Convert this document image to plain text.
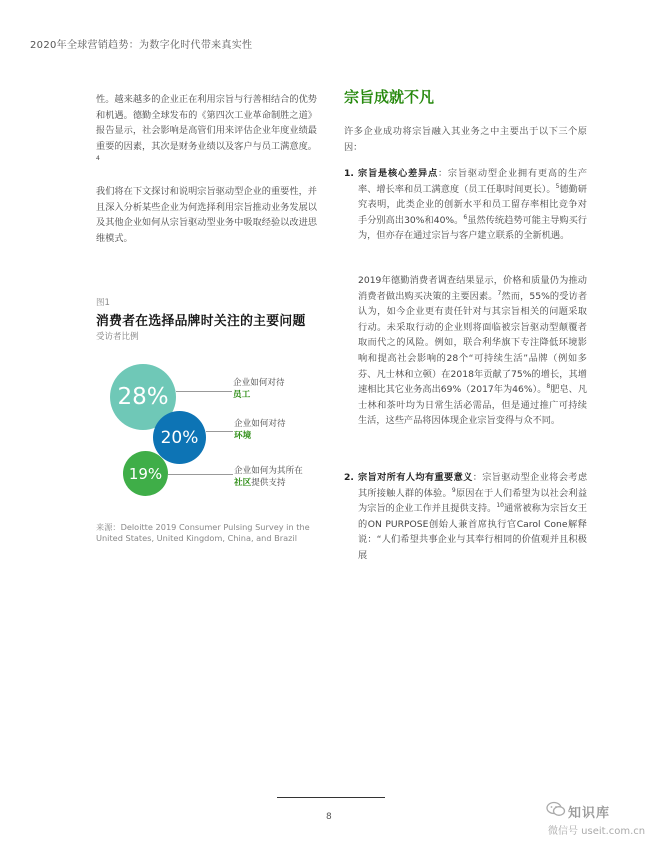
2020年全球营销趋势：为数字化时代带来真实性
性。越来越多的企业正在利用宗旨与行善相结合的优势和机遇。德勤全球发布的《第四次工业革命制胜之道》报告显示，社会影响是高管们用来评估企业年度业绩最重要的因素，其次是财务业绩以及客户与员工满意度。$^4$
我们将在下文探讨和说明宗旨驱动型企业的重要性，并且深入分析某些企业为何选择利用宗旨推动业务发展以及其他企业如何从宗旨驱动型业务中吸取经验以改进思维模式。
图1
消费者在选择品牌时关注的主要问题
受访者比例
28%
20%
19%
企业如何对待
员工
企业如何对待
环境
企业如何为其所在
社区提供支持
来源：Deloitte 2019 Consumer Pulsing Survey in the United States, United Kingdom, China, and Brazil
宗旨成就不凡
许多企业成功将宗旨融入其业务之中主要出于以下三个原因：
1. 宗旨是核心差异点：宗旨驱动型企业拥有更高的生产率、增长率和员工满意度（员工任职时间更长）。$^5$德勤研究表明，此类企业的创新水平和员工留存率相比竞争对手分别高出30%和40%。$^6$虽然传统趋势可能主导购买行为，但亦存在通过宗旨与客户建立联系的全新机遇。
2019年德勤消费者调查结果显示，价格和质量仍为推动消费者做出购买决策的主要因素。$^7$然而，55%的受访者认为，如今企业更有责任针对与其宗旨相关的问题采取行动。未采取行动的企业则将面临被宗旨驱动型颠覆者取而代之的风险。例如，联合利华旗下专注降低环境影响和提高社会影响的28个“可持续生活”品牌（例如多芬、凡士林和立顿）在2018年贡献了75%的增长，其增速相比其它业务高出69%（2017年为46%）。$^8$肥皂、凡士林和茶叶均为日常生活必需品，但是通过推广可持续生活，这些产品将因体现企业宗旨变得与众不同。
2. 宗旨对所有人均有重要意义：宗旨驱动型企业将会考虑其所接触人群的体验。$^9$原因在于人们希望为以社会利益为宗旨的企业工作并且提供支持。$^{10}$通常被称为宗旨女王的ON PURPOSE创始人兼首席执行官Carol Cone解释说：“人们希望共事企业与其奉行相同的价值观并且积极展
8	知识库
微信号 useit.com.cn
